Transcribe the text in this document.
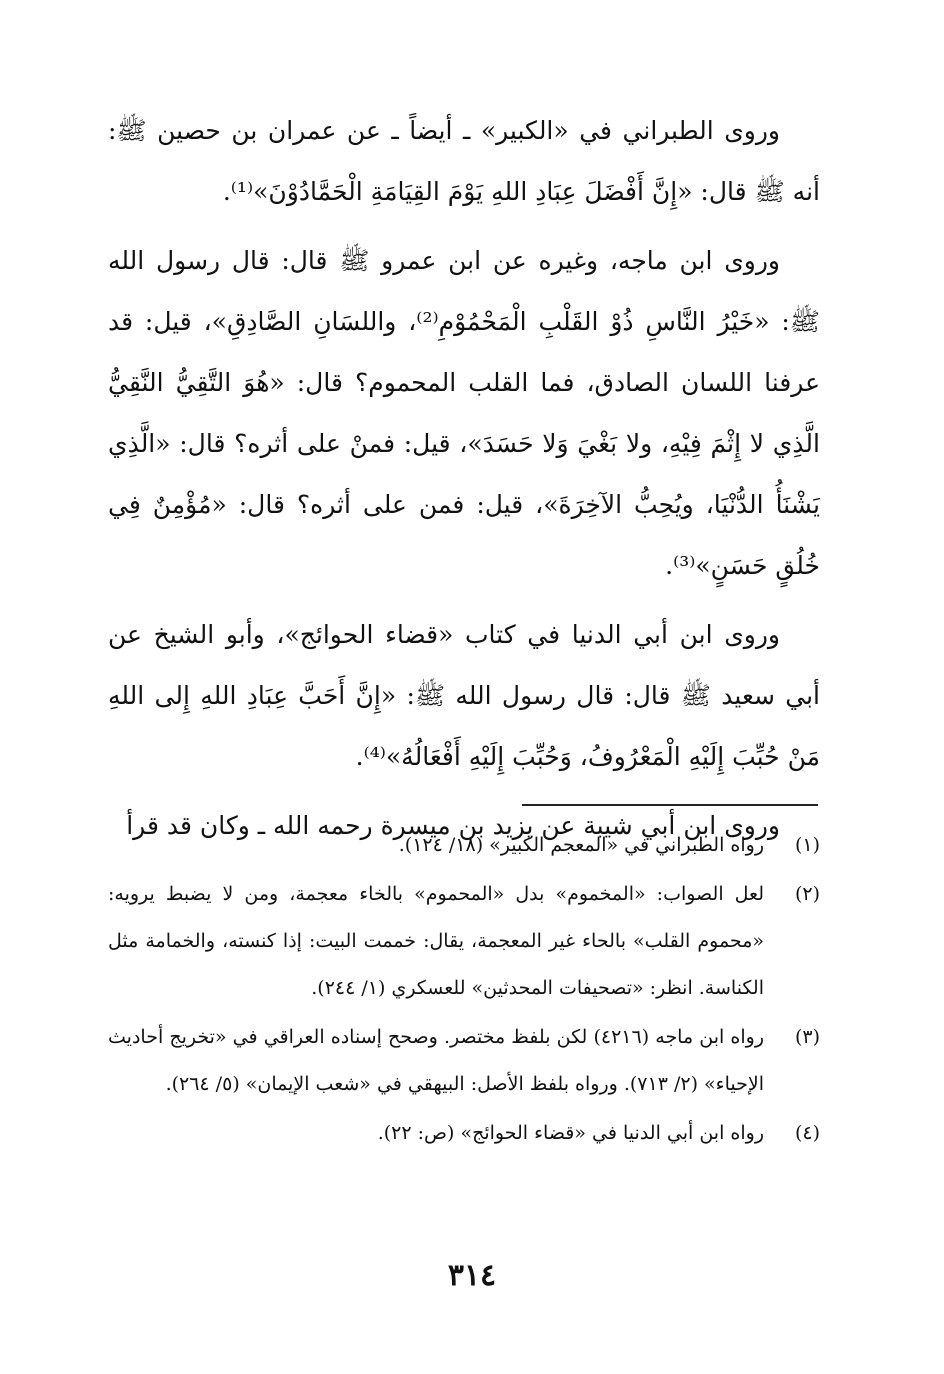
وروى الطبراني في «الكبير» ـ أيضاً ـ عن عمران بن حصين ﷺ: أنه ﷺ قال: «إِنَّ أَفْضَلَ عِبَادِ اللهِ يَوْمَ القِيَامَةِ الْحَمَّادُوْنَ»⁽¹⁾.

وروى ابن ماجه، وغيره عن ابن عمرو ﷺ قال: قال رسول الله ﷺ: «خَيْرُ النَّاسِ ذُوْ القَلْبِ الْمَحْمُوْمِ⁽²⁾، واللسَانِ الصَّادِقِ»، قيل: قد عرفنا اللسان الصادق، فما القلب المحموم؟ قال: «هُوَ التَّقِيُّ النَّقِيُّ الَّذِي لا إِثْمَ فِيْهِ، ولا بَغْيَ وَلا حَسَدَ»، قيل: فمنْ على أثره؟ قال: «الَّذِي يَشْنَأُ الدُّنْيَا، ويُحِبُّ الآخِرَةَ»، قيل: فمن على أثره؟ قال: «مُؤْمِنٌ فِي خُلُقٍ حَسَنٍ»⁽³⁾.

وروى ابن أبي الدنيا في كتاب «قضاء الحوائج»، وأبو الشيخ عن أبي سعيد ﷺ قال: قال رسول الله ﷺ: «إِنَّ أَحَبَّ عِبَادِ اللهِ إِلى اللهِ مَنْ حُبِّبَ إِلَيْهِ الْمَعْرُوفُ، وَحُبِّبَ إِلَيْهِ أَفْعَالُهُ»⁽⁴⁾.

وروى ابن أبي شيبة عن يزيد بن ميسرة رحمه الله ـ وكان قد قرأ

(١)
رواه الطبراني في «المعجم الكبير» (١٨/ ١٢٤).
(٢)
لعل الصواب: «المخموم» بدل «المحموم» بالخاء معجمة، ومن لا يضبط يرويه: «محموم القلب» بالحاء غير المعجمة، يقال: خممت البيت: إذا كنسته، والخمامة مثل الكناسة. انظر: «تصحيفات المحدثين» للعسكري (١/ ٢٤٤).
(٣)
رواه ابن ماجه (٤٢١٦) لكن بلفظ مختصر. وصحح إسناده العراقي في «تخريج أحاديث الإحياء» (٢/ ٧١٣). ورواه بلفظ الأصل: البيهقي في «شعب الإيمان» (٥/ ٢٦٤).
(٤)
رواه ابن أبي الدنيا في «قضاء الحوائج» (ص: ٢٢).
٣١٤
